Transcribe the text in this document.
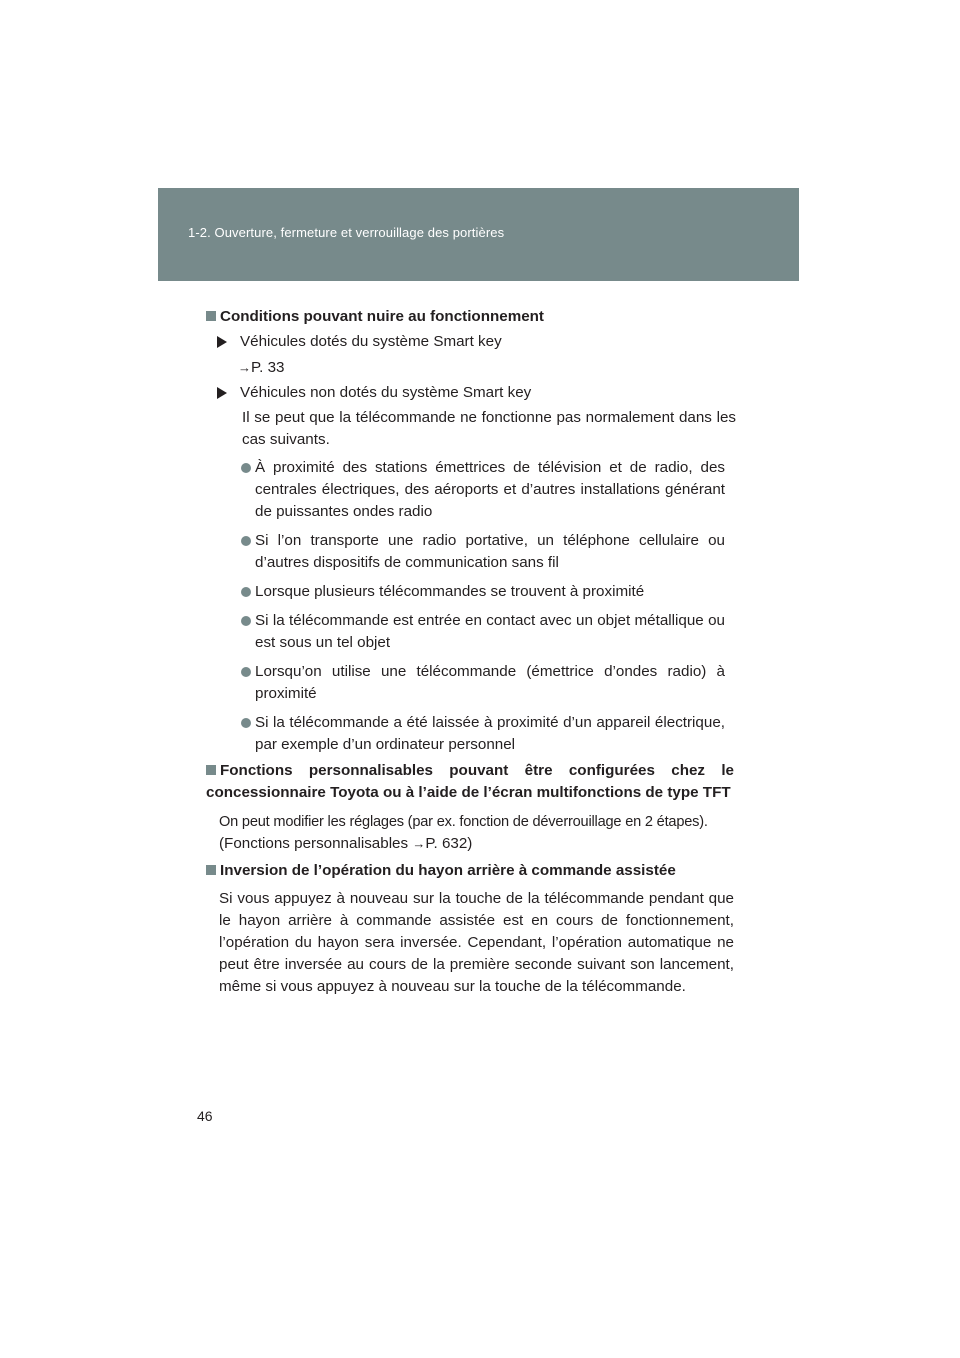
1-2. Ouverture, fermeture et verrouillage des portières

Conditions pouvant nuire au fonctionnement

Véhicules dotés du système Smart key
→P. 33
Véhicules non dotés du système Smart key
Il se peut que la télécommande ne fonctionne pas normalement dans les cas suivants.
À proximité des stations émettrices de télévision et de radio, des centrales électriques, des aéroports et d’autres installations générant de puissantes ondes radio
Si l’on transporte une radio portative, un téléphone cellulaire ou d’autres dispositifs de communication sans fil
Lorsque plusieurs télécommandes se trouvent à proximité
Si la télécommande est entrée en contact avec un objet métallique ou est sous un tel objet
Lorsqu’on utilise une télécommande (émettrice d’ondes radio) à proximité
Si la télécommande a été laissée à proximité d’un appareil électrique, par exemple d’un ordinateur personnel

Fonctions personnalisables pouvant être configurées chez le concessionnaire Toyota ou à l’aide de l’écran multifonctions de type TFT

On peut modifier les réglages (par ex. fonction de déverrouillage en 2 étapes).
(Fonctions personnalisables →P. 632)

Inversion de l’opération du hayon arrière à commande assistée

Si vous appuyez à nouveau sur la touche de la télécommande pendant que le hayon arrière à commande assistée est en cours de fonctionnement, l’opération du hayon sera inversée. Cependant, l’opération automatique ne peut être inversée au cours de la première seconde suivant son lancement, même si vous appuyez à nouveau sur la touche de la télécommande.
46
